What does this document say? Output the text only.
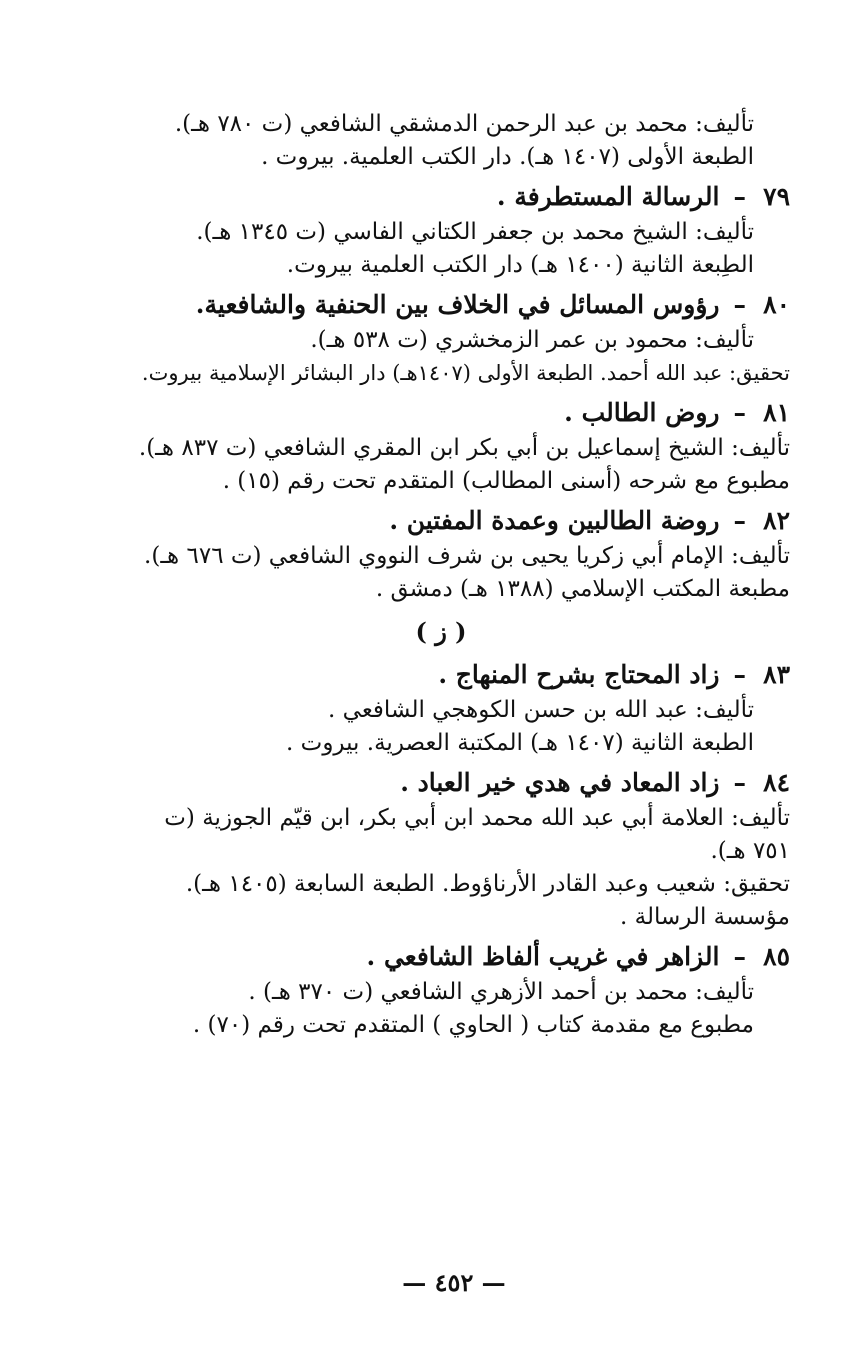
تأليف: محمد بن عبد الرحمن الدمشقي الشافعي (ت ٧٨٠ هـ).

الطبعة الأولى (١٤٠٧ هـ). دار الكتب العلمية. بيروت .

٧٩–الرسالة المستطرفة .

تأليف: الشيخ محمد بن جعفر الكتاني الفاسي (ت ١٣٤٥ هـ).

الطِبعة الثانية (١٤٠٠ هـ) دار الكتب العلمية بيروت.

٨٠–رؤوس المسائل في الخلاف بين الحنفية والشافعية.

تأليف: محمود بن عمر الزمخشري (ت ٥٣٨ هـ).

تحقيق: عبد الله أحمد. الطبعة الأولى (١٤٠٧هـ) دار البشائر الإسلامية بيروت.

٨١–روض الطالب .

تأليف: الشيخ إسماعيل بن أبي بكر ابن المقري الشافعي (ت ٨٣٧ هـ).

مطبوع مع شرحه (أسنى المطالب) المتقدم تحت رقم (١٥) .

٨٢–روضة الطالبين وعمدة المفتين .

تأليف: الإمام أبي زكريا يحيى بن شرف النووي الشافعي (ت ٦٧٦ هـ).

مطبعة المكتب الإسلامي (١٣٨٨ هـ) دمشق .

( ز )

٨٣–زاد المحتاج بشرح المنهاج .

تأليف: عبد الله بن حسن الكوهجي الشافعي .

الطبعة الثانية (١٤٠٧ هـ) المكتبة العصرية. بيروت .

٨٤–زاد المعاد في هدي خير العباد .

تأليف: العلامة أبي عبد الله محمد ابن أبي بكر، ابن قيّم الجوزية (ت

٧٥١ هـ).

تحقيق: شعيب وعبد القادر الأرناؤوط. الطبعة السابعة (١٤٠٥ هـ).

مؤسسة الرسالة .

٨٥–الزاهر في غريب ألفاظ الشافعي .

تأليف: محمد بن أحمد الأزهري الشافعي (ت ٣٧٠ هـ) .

مطبوع مع مقدمة كتاب ( الحاوي ) المتقدم تحت رقم (٧٠) .

— ٤٥٢ —
